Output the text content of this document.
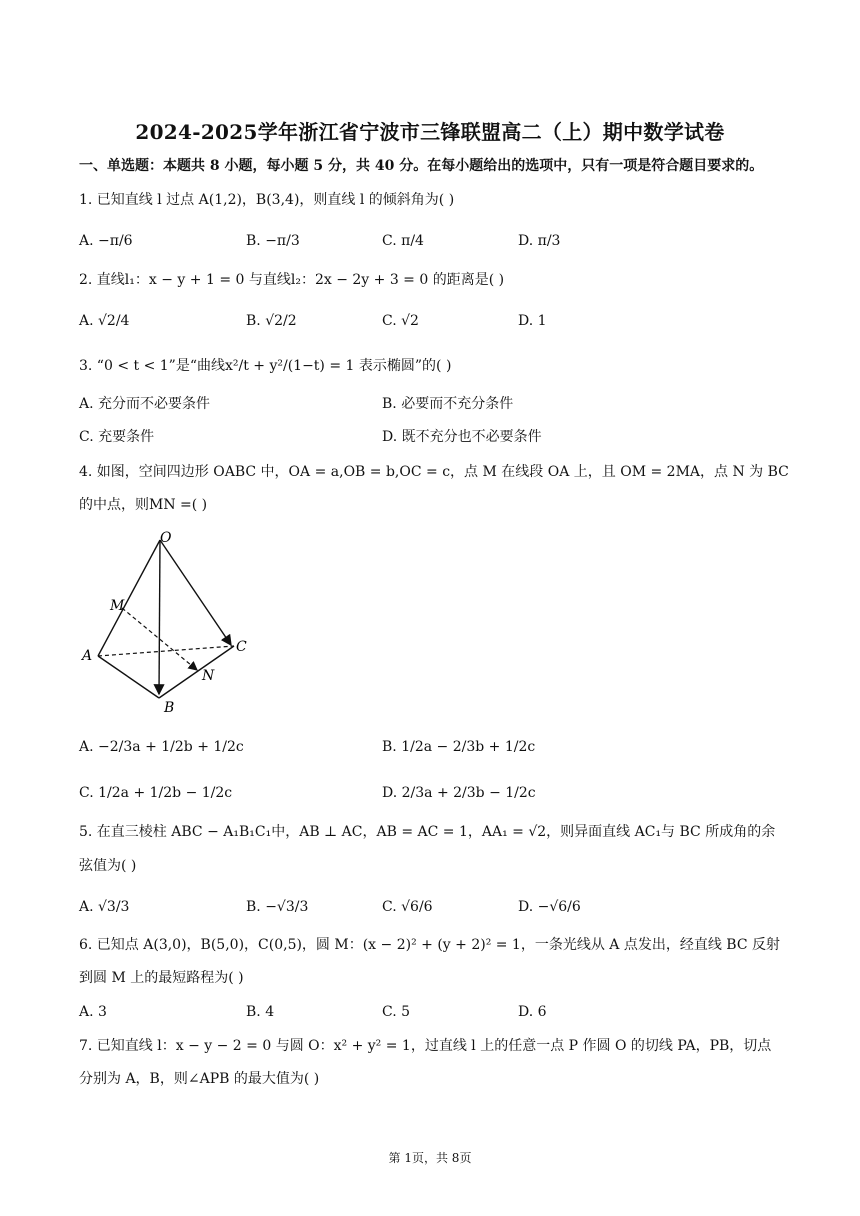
2024-2025学年浙江省宁波市三锋联盟高二（上）期中数学试卷
一、单选题：本题共 8 小题，每小题 5 分，共 40 分。在每小题给出的选项中，只有一项是符合题目要求的。
1. 已知直线 l 过点 A(1,2)，B(3,4)，则直线 l 的倾斜角为( )
A. −π/6	B. −π/3	C. π/4	D. π/3
2. 直线l₁：x − y + 1 = 0 与直线l₂：2x − 2y + 3 = 0 的距离是( )
A. √2/4	B. √2/2	C. √2	D. 1
3. “0 < t < 1”是“曲线x²/t + y²/(1−t) = 1 表示椭圆”的( )
A. 充分而不必要条件	B. 必要而不充分条件
C. 充要条件	D. 既不充分也不必要条件
4. 如图，空间四边形 OABC 中，OA = a,OB = b,OC = c，点 M 在线段 OA 上，且 OM = 2MA，点 N 为 BC
的中点，则MN =( )
O
M
A
C
N
B
A. −2/3a + 1/2b + 1/2c	B. 1/2a − 2/3b + 1/2c
C. 1/2a + 1/2b − 1/2c	D. 2/3a + 2/3b − 1/2c
5. 在直三棱柱 ABC − A₁B₁C₁中，AB ⊥ AC，AB = AC = 1，AA₁ = √2，则异面直线 AC₁与 BC 所成角的余
弦值为( )
A. √3/3	B. −√3/3	C. √6/6	D. −√6/6
6. 已知点 A(3,0)，B(5,0)，C(0,5)，圆 M：(x − 2)² + (y + 2)² = 1，一条光线从 A 点发出，经直线 BC 反射
到圆 M 上的最短路程为( )
A. 3	B. 4	C. 5	D. 6
7. 已知直线 l：x − y − 2 = 0 与圆 O：x² + y² = 1，过直线 l 上的任意一点 P 作圆 O 的切线 PA，PB，切点
分别为 A，B，则∠APB 的最大值为( )
第 1页，共 8页
